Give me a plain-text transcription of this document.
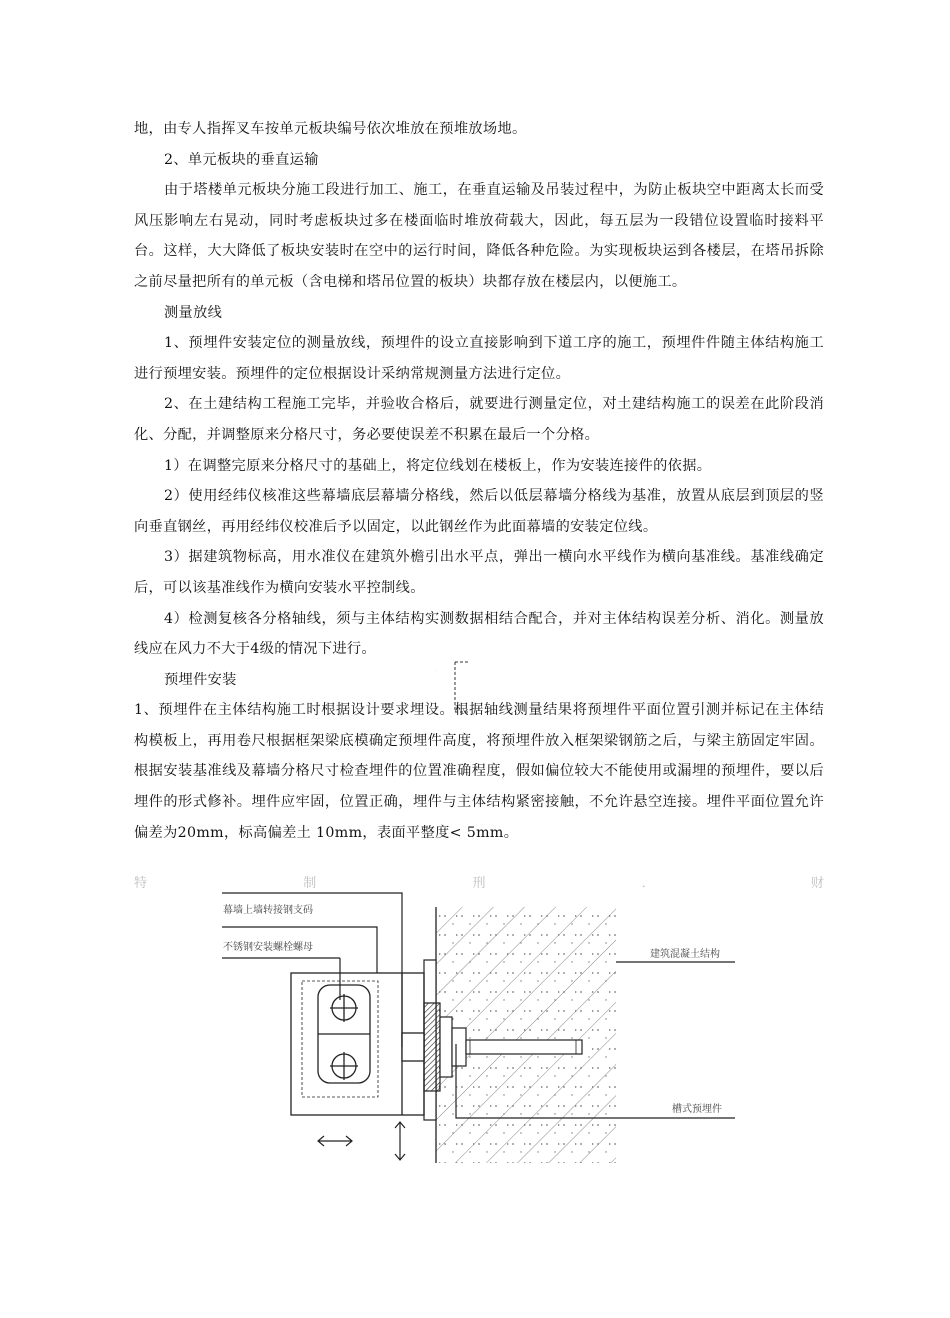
地，由专人指挥叉车按单元板块编号依次堆放在预堆放场地。

2、单元板块的垂直运输

由于塔楼单元板块分施工段进行加工、施工，在垂直运输及吊装过程中，为防止板块空中距离太长而受风压影响左右晃动，同时考虑板块过多在楼面临时堆放荷载大，因此，每五层为一段错位设置临时接料平台。这样，大大降低了板块安装时在空中的运行时间，降低各种危险。为实现板块运到各楼层，在塔吊拆除之前尽量把所有的单元板（含电梯和塔吊位置的板块）块都存放在楼层内，以便施工。

测量放线

1、预埋件安装定位的测量放线，预埋件的设立直接影响到下道工序的施工，预埋件件随主体结构施工进行预埋安装。预埋件的定位根据设计采纳常规测量方法进行定位。

2、在土建结构工程施工完毕，并验收合格后，就要进行测量定位，对土建结构施工的误差在此阶段消化、分配，并调整原来分格尺寸，务必要使误差不积累在最后一个分格。

1）在调整完原来分格尺寸的基础上，将定位线划在楼板上，作为安装连接件的依据。

2）使用经纬仪核准这些幕墙底层幕墙分格线，然后以低层幕墙分格线为基准，放置从底层到顶层的竖向垂直钢丝，再用经纬仪校准后予以固定，以此钢丝作为此面幕墙的安装定位线。

3）据建筑物标高，用水准仪在建筑外檐引出水平点，弹出一横向水平线作为横向基准线。基准线确定后，可以该基准线作为横向安装水平控制线。

4）检测复核各分格轴线，须与主体结构实测数据相结合配合，并对主体结构误差分析、消化。测量放线应在风力不大于4级的情况下进行。

预埋件安装

1、预埋件在主体结构施工时根据设计要求埋设。根据轴线测量结果将预埋件平面位置引测并标记在主体结构模板上，再用卷尺根据框架梁底模确定预埋件高度，将预埋件放入框架梁钢筋之后，与梁主筋固定牢固。根据安装基准线及幕墙分格尺寸检查埋件的位置准确程度，假如偏位较大不能使用或漏埋的预埋件，要以后埋件的形式修补。埋件应牢固，位置正确，埋件与主体结构紧密接触，不允许悬空连接。埋件平面位置允许偏差为20mm，标高偏差土 10mm，表面平整度< 5mm。

特	制	刑	．	财
幕墙上墙转接钢支码
不锈钢安装螺栓螺母
建筑混凝土结构
槽式预埋件
